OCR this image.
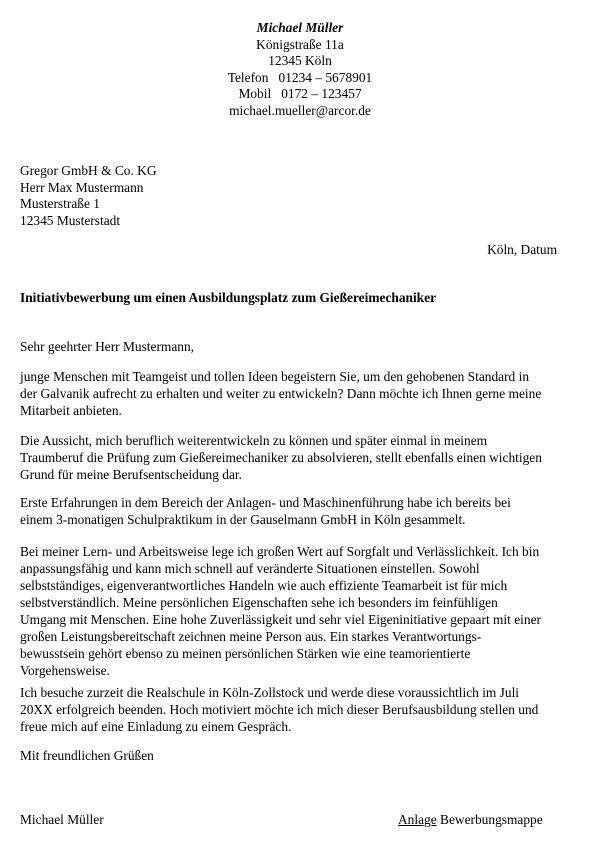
Michael Müller
Königstraße 11a
12345 Köln
Telefon   01234 – 5678901
Mobil   0172 – 123457
michael.mueller@arcor.de
Gregor GmbH & Co. KG
Herr Max Mustermann
Musterstraße 1
12345 Musterstadt
Köln, Datum
Initiativbewerbung um einen Ausbildungsplatz zum Gießereimechaniker
Sehr geehrter Herr Mustermann,
junge Menschen mit Teamgeist und tollen Ideen begeistern Sie, um den gehobenen Standard in
der Galvanik aufrecht zu erhalten und weiter zu entwickeln? Dann möchte ich Ihnen gerne meine
Mitarbeit anbieten.
Die Aussicht, mich beruflich weiterentwickeln zu können und später einmal in meinem
Traumberuf die Prüfung zum Gießereimechaniker zu absolvieren, stellt ebenfalls einen wichtigen
Grund für meine Berufsentscheidung dar.
Erste Erfahrungen in dem Bereich der Anlagen- und Maschinenführung habe ich bereits bei
einem 3-monatigen Schulpraktikum in der Gauselmann GmbH in Köln gesammelt.
Bei meiner Lern- und Arbeitsweise lege ich großen Wert auf Sorgfalt und Verlässlichkeit. Ich bin
anpassungsfähig und kann mich schnell auf veränderte Situationen einstellen. Sowohl
selbstständiges, eigenverantwortliches Handeln wie auch effiziente Teamarbeit ist für mich
selbstverständlich. Meine persönlichen Eigenschaften sehe ich besonders im feinfühligen
Umgang mit Menschen. Eine hohe Zuverlässigkeit und sehr viel Eigeninitiative gepaart mit einer
großen Leistungsbereitschaft zeichnen meine Person aus. Ein starkes Verantwortungs-
bewusstsein gehört ebenso zu meinen persönlichen Stärken wie eine teamorientierte
Vorgehensweise.
Ich besuche zurzeit die Realschule in Köln-Zollstock und werde diese voraussichtlich im Juli
20XX erfolgreich beenden. Hoch motiviert möchte ich mich dieser Berufsausbildung stellen und
freue mich auf eine Einladung zu einem Gespräch.
Mit freundlichen Grüßen
Michael Müller	Anlage Bewerbungsmappe
